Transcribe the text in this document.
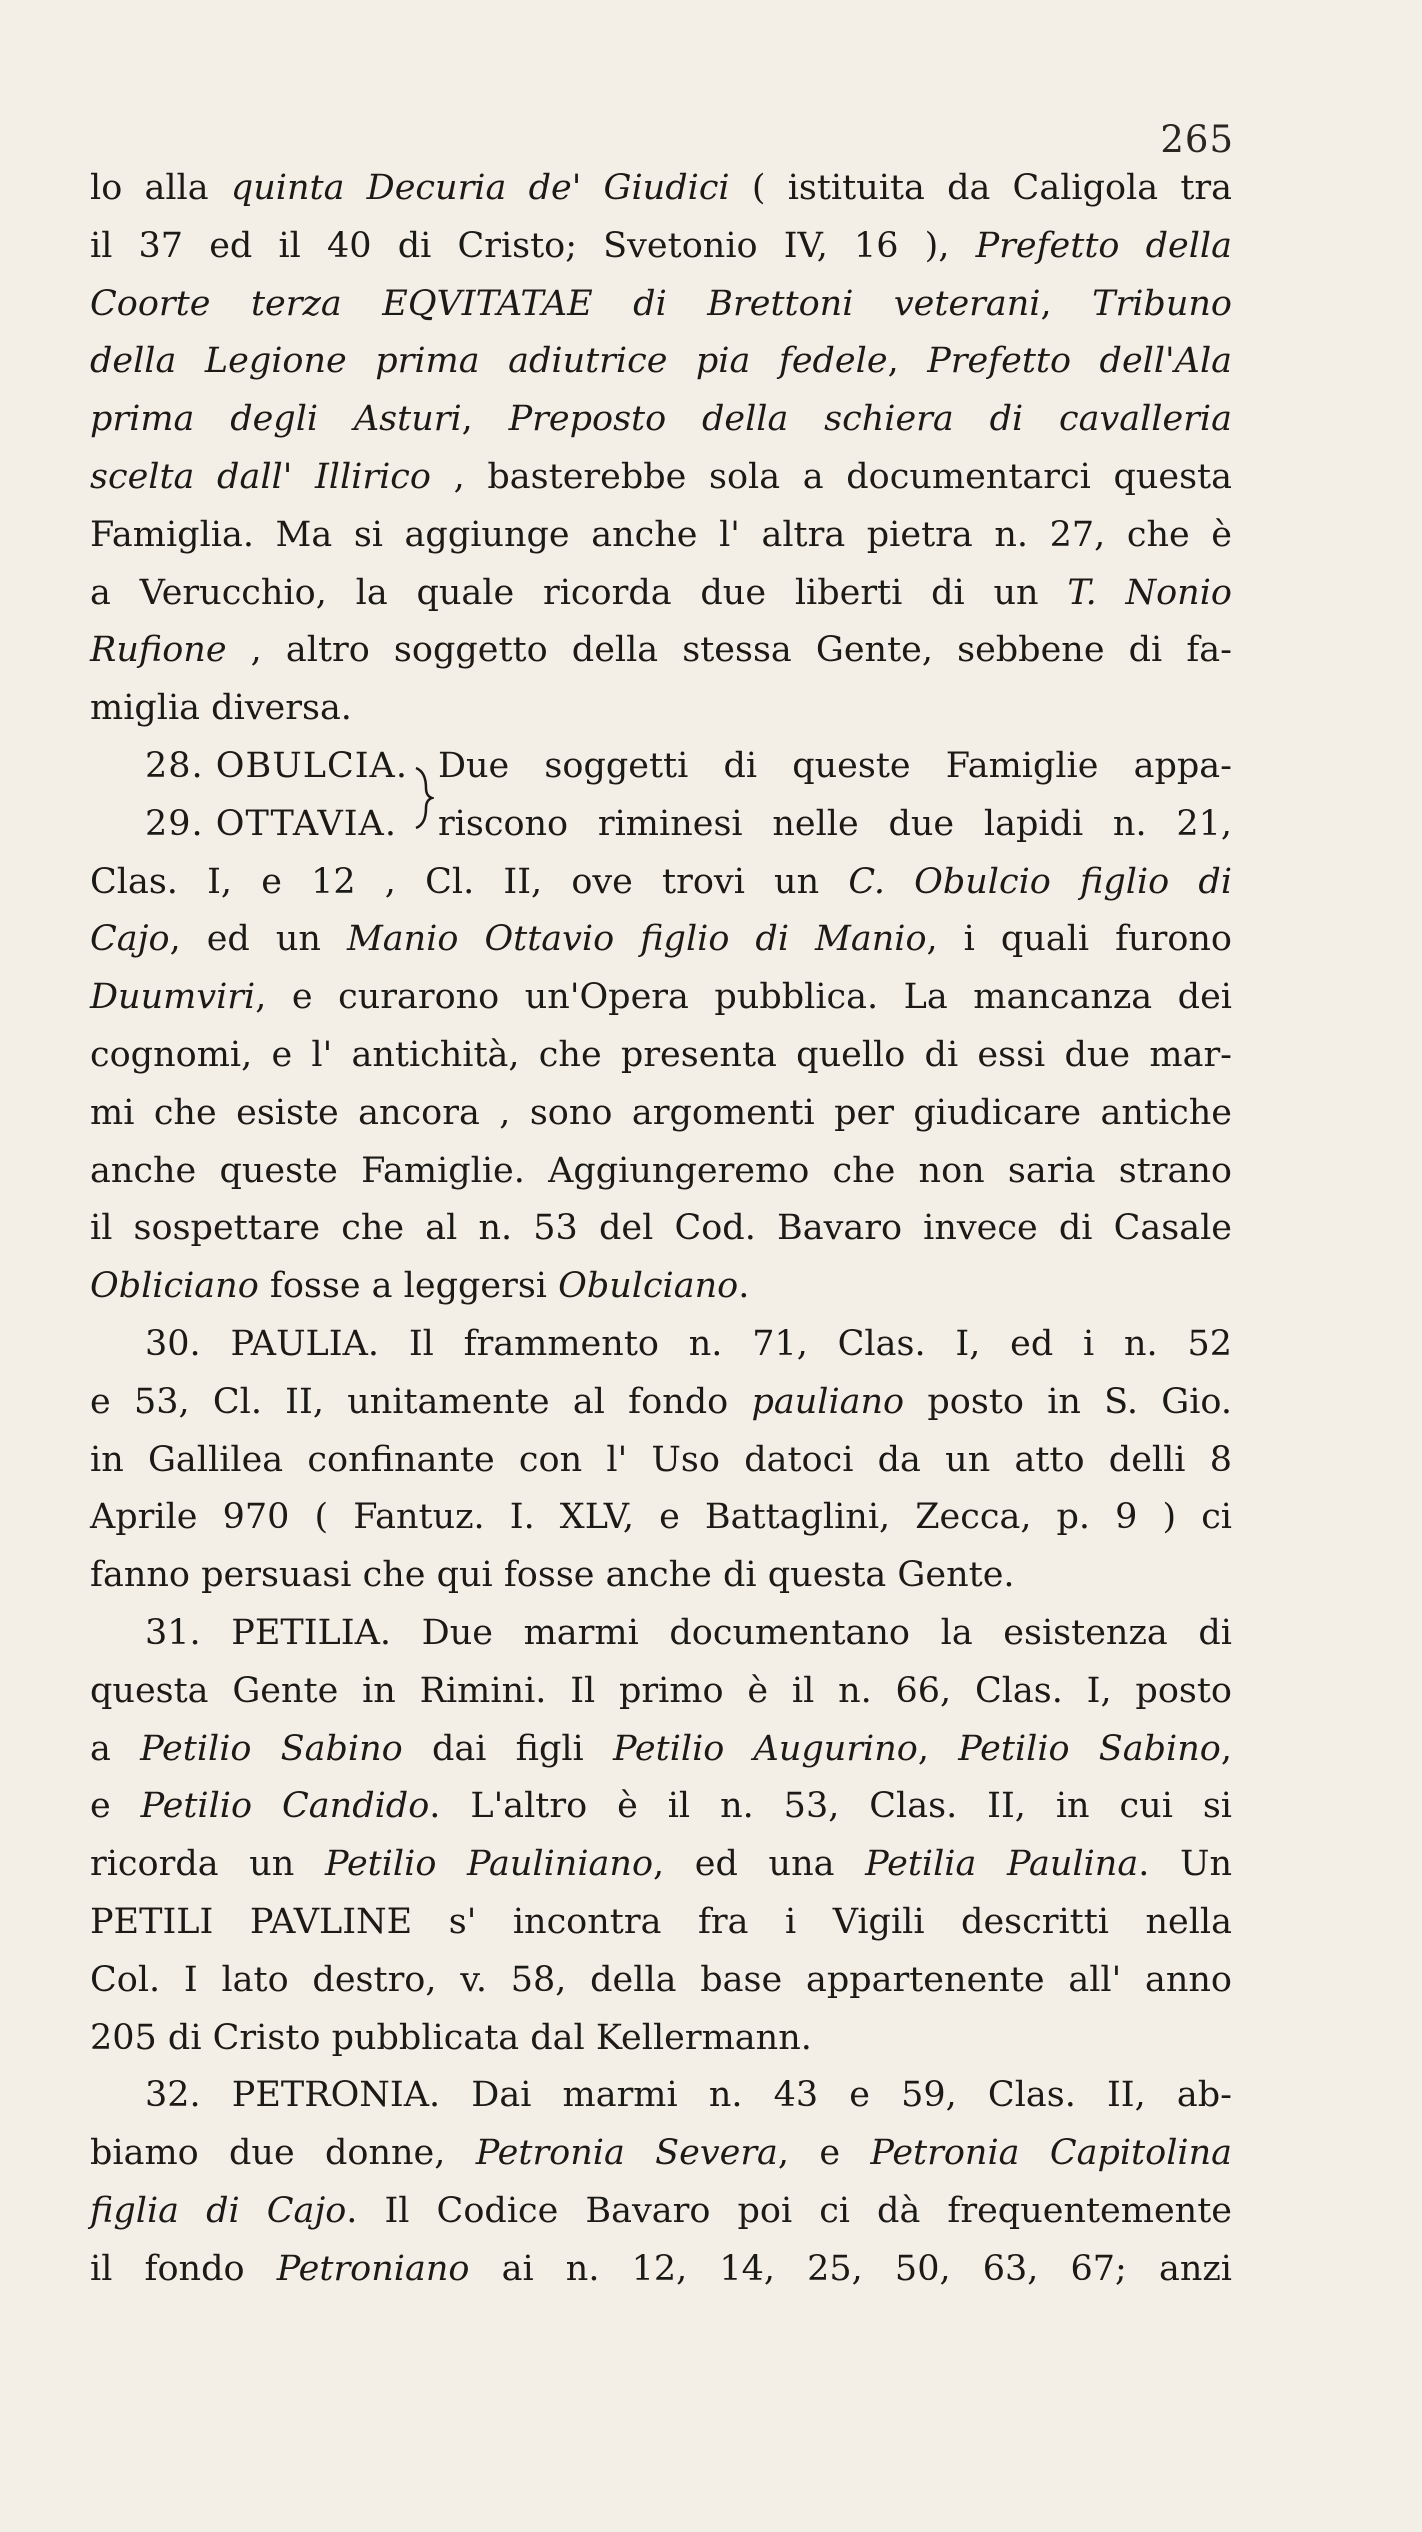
265
lo alla quinta Decuria de' Giudici ( istituita da Caligola tra
il 37 ed il 40 di Cristo; Svetonio IV, 16 ), Prefetto della
Coorte terza EQVITATAE di Brettoni veterani, Tribuno
della Legione prima adiutrice pia fedele, Prefetto dell'Ala
prima degli Asturi, Preposto della schiera di cavalleria
scelta dall' Illirico , basterebbe sola a documentarci questa
Famiglia. Ma si aggiunge anche l' altra pietra n. 27, che è
a Verucchio, la quale ricorda due liberti di un T. Nonio
Rufione , altro soggetto della stessa Gente, sebbene di fa-
miglia diversa.
28. OBULCIA.
29. OTTAVIA.
Due soggetti di queste Famiglie appa-
riscono riminesi nelle due lapidi n. 21,
Clas. I, e 12 , Cl. II, ove trovi un C. Obulcio figlio di
Cajo, ed un Manio Ottavio figlio di Manio, i quali furono
Duumviri, e curarono un'Opera pubblica. La mancanza dei
cognomi, e l' antichità, che presenta quello di essi due mar-
mi che esiste ancora , sono argomenti per giudicare antiche
anche queste Famiglie. Aggiungeremo che non saria strano
il sospettare che al n. 53 del Cod. Bavaro invece di Casale
Obliciano fosse a leggersi Obulciano.
30. PAULIA. Il frammento n. 71, Clas. I, ed i n. 52
e 53, Cl. II, unitamente al fondo pauliano posto in S. Gio.
in Gallilea confinante con l' Uso datoci da un atto delli 8
Aprile 970 ( Fantuz. I. XLV, e Battaglini, Zecca, p. 9 ) ci
fanno persuasi che qui fosse anche di questa Gente.
31. PETILIA. Due marmi documentano la esistenza di
questa Gente in Rimini. Il primo è il n. 66, Clas. I, posto
a Petilio Sabino dai figli Petilio Augurino, Petilio Sabino,
e Petilio Candido. L'altro è il n. 53, Clas. II, in cui si
ricorda un Petilio Pauliniano, ed una Petilia Paulina. Un
PETILI PAVLINE s' incontra fra i Vigili descritti nella
Col. I lato destro, v. 58, della base appartenente all' anno
205 di Cristo pubblicata dal Kellermann.
32. PETRONIA. Dai marmi n. 43 e 59, Clas. II, ab-
biamo due donne, Petronia Severa, e Petronia Capitolina
figlia di Cajo. Il Codice Bavaro poi ci dà frequentemente
il fondo Petroniano ai n. 12, 14, 25, 50, 63, 67; anzi
